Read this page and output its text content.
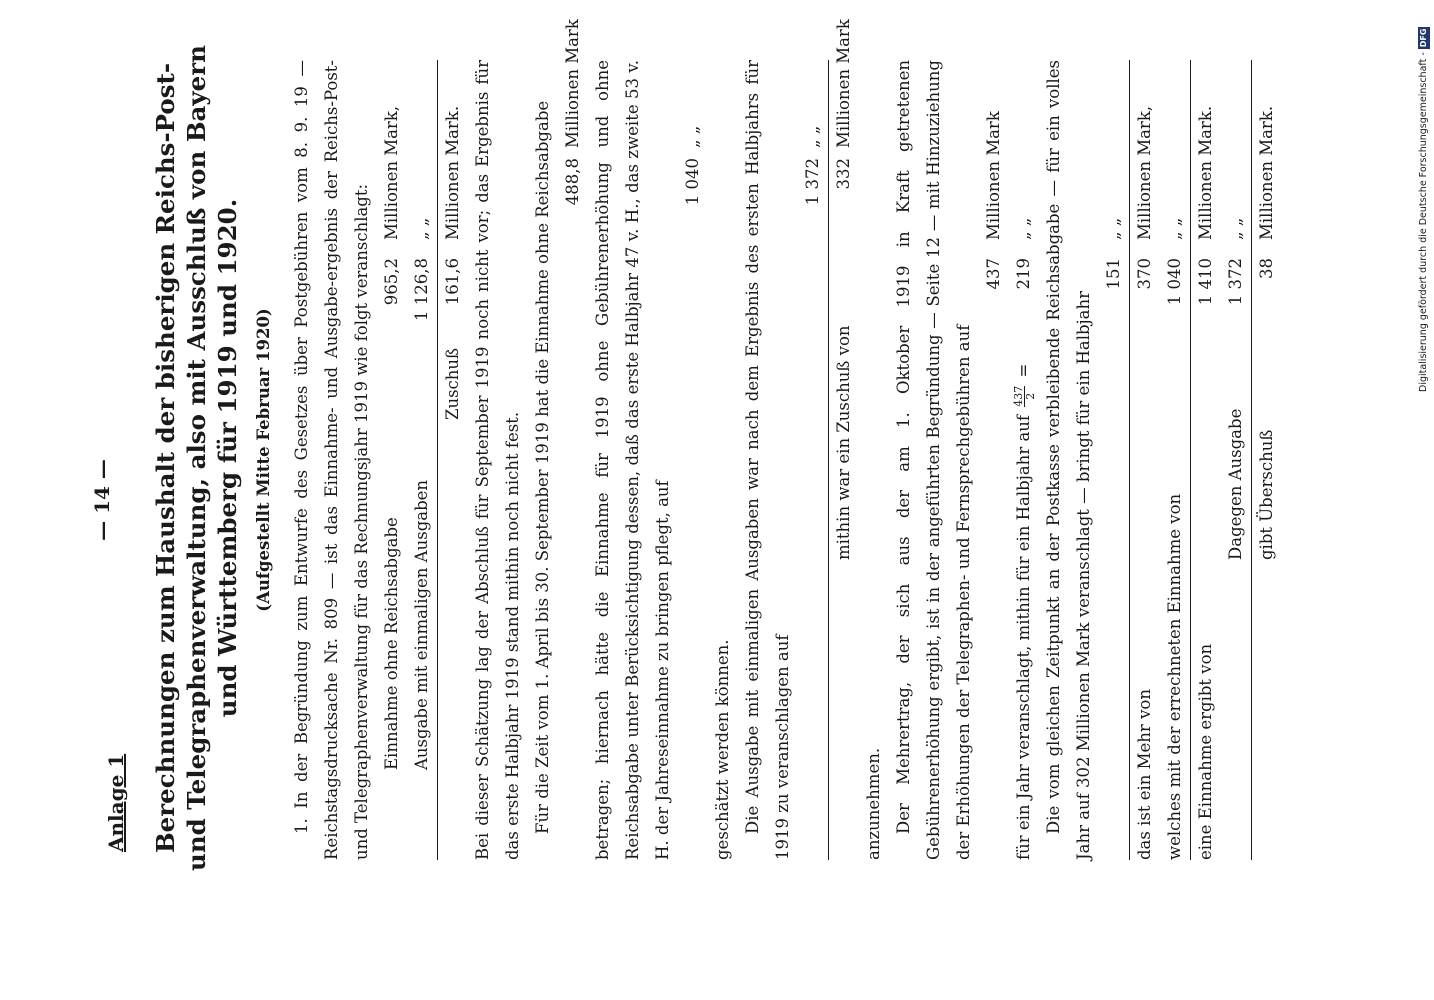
— 14 —
Anlage 1 Berechnungen zum Haushalt der bisherigen Reichs-Post- und Telegraphenverwaltung, also mit Ausschluß von Bayern und Württemberg für 1919 und 1920. (Aufgestellt Mitte Februar 1920)	1. In der Begründung zum Entwurfe des Gesetzes über Postgebühren vom 8. 9. 19 — Reichstagsdrucksache Nr. 809 — ist das Einnahme- und Ausgabe-ergebnis der Reichs-Post- und Telegraphenverwaltung für das Rechnungsjahr 1919 wie folgt veranschlagt: Einnahme ohne Reichsabgabe
965,2
Millionen Mark,
Ausgabe mit einmaligen Ausgaben
1 126,8
„ „
Zuschuß
161,6
Millionen Mark. Bei dieser Schätzung lag der Abschluß für September 1919 noch nicht vor; das Ergebnis für das erste Halbjahr 1919 stand mithin noch nicht fest. Für die Zeit vom 1. April bis 30. September 1919 hat die Einnahme ohne Reichsabgabe 488,8
Millionen Mark betragen; hiernach hätte die Einnahme für 1919 ohne Gebührenerhöhung und ohne Reichsabgabe unter Berücksichtigung dessen, daß das erste Halbjahr 47 v. H., das zweite 53 v. H. der Jahreseinnahme zu bringen pflegt, auf

1 040
„ „

geschätzt werden können. Die Ausgabe mit einmaligen Ausgaben war nach dem Ergebnis des ersten Halbjahrs für 1919 zu veranschlagen auf

1 372
„ „
mithin war ein Zuschuß von
332
Millionen Mark

anzunehmen. Der Mehrertrag, der sich aus der am 1. Oktober 1919 in Kraft getretenen Gebührenerhöhung ergibt, ist in der angeführten Begründung — Seite 12 — mit Hinzuziehung der Erhöhungen der Telegraphen- und Fernsprechgebühren auf

437
Millionen Mark
für ein Jahr veranschlagt, mithin für ein Halbjahr auf
437 2
=
219
„ „ Die vom gleichen Zeitpunkt an der Postkasse verbleibende Reichsabgabe — für ein volles Jahr auf 302 Millionen Mark veranschlagt — bringt für ein Halbjahr

151
„ „
das ist ein Mehr von
370
Millionen Mark,
welches mit der errechneten Einnahme von
1 040
„ „
eine Einnahme ergibt von
1 410
Millionen Mark.
Dagegen Ausgabe
1 372
„ „
gibt Überschuß
38
Millionen Mark.	Digitalisierung gefördert durch die Deutsche Forschungsgemeinschaft -DFG
